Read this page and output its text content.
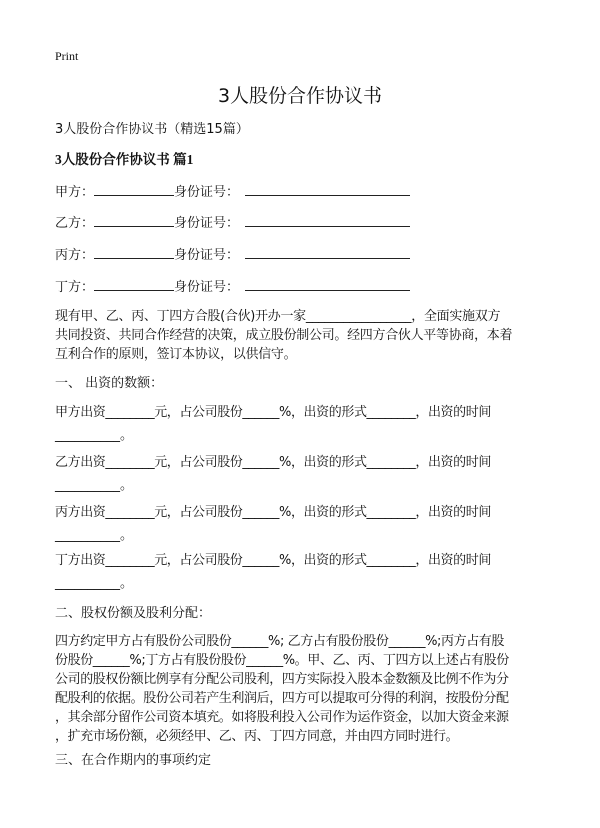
Print
3人股份合作协议书
3人股份合作协议书（精选15篇）
3人股份合作协议书 篇1
甲方：	身份证号：
乙方：	身份证号：
丙方：	身份证号：
丁方：	身份证号：
现有甲、乙、丙、丁四方合股(合伙)开办一家_________________，全面实施双方
共同投资、共同合作经营的决策，成立股份制公司。经四方合伙人平等协商，本着
互利合作的原则，签订本协议，以供信守。
一、 出资的数额：
甲方出资________元，占公司股份______%，出资的形式________，出资的时间
__________。
乙方出资________元，占公司股份______%，出资的形式________，出资的时间
__________。
丙方出资________元，占公司股份______%，出资的形式________，出资的时间
__________。
丁方出资________元，占公司股份______%，出资的形式________，出资的时间
__________。
二、股权份额及股利分配：
四方约定甲方占有股份公司股份______%; 乙方占有股份股份______%;丙方占有股
份股份______%;丁方占有股份股份______%。甲、乙、丙、丁四方以上述占有股份
公司的股权份额比例享有分配公司股利，四方实际投入股本金数额及比例不作为分
配股利的依据。股份公司若产生利润后，四方可以提取可分得的利润，按股份分配
，其余部分留作公司资本填充。如将股利投入公司作为运作资金，以加大资金来源
，扩充市场份额，必须经甲、乙、丙、丁四方同意，并由四方同时进行。
三、在合作期内的事项约定
